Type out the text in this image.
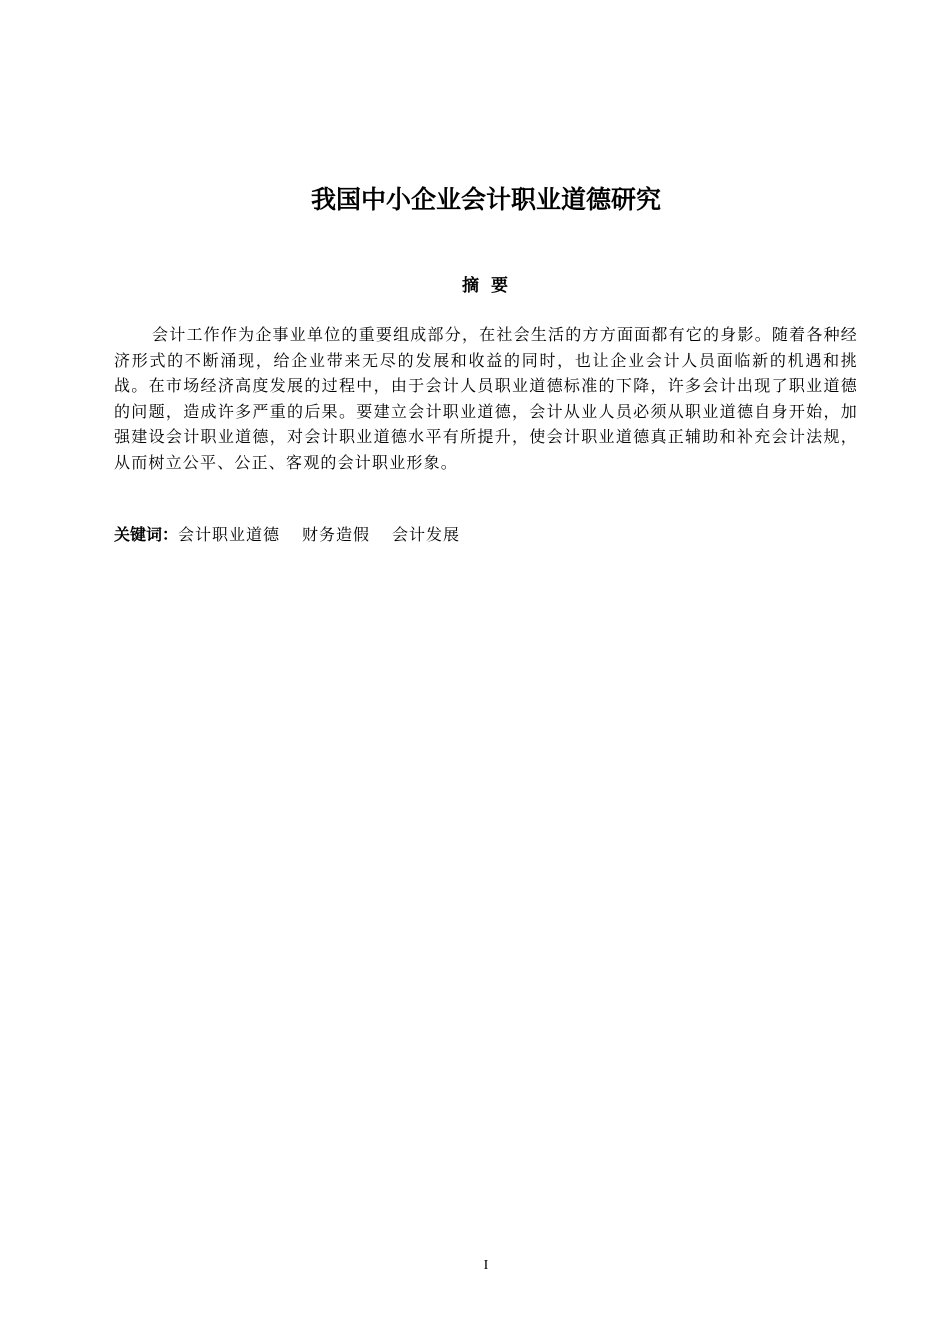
我国中小企业会计职业道德研究
摘要

会计工作作为企事业单位的重要组成部分，在社会生活的方方面面都有它的身影。随着各种经济形式的不断涌现，给企业带来无尽的发展和收益的同时，也让企业会计人员面临新的机遇和挑战。在市场经济高度发展的过程中，由于会计人员职业道德标准的下降，许多会计出现了职业道德的问题，造成许多严重的后果。要建立会计职业道德，会计从业人员必须从职业道德自身开始，加强建设会计职业道德，对会计职业道德水平有所提升，使会计职业道德真正辅助和补充会计法规，从而树立公平、公正、客观的会计职业形象。

关键词：会计职业道德 财务造假 会计发展
I
